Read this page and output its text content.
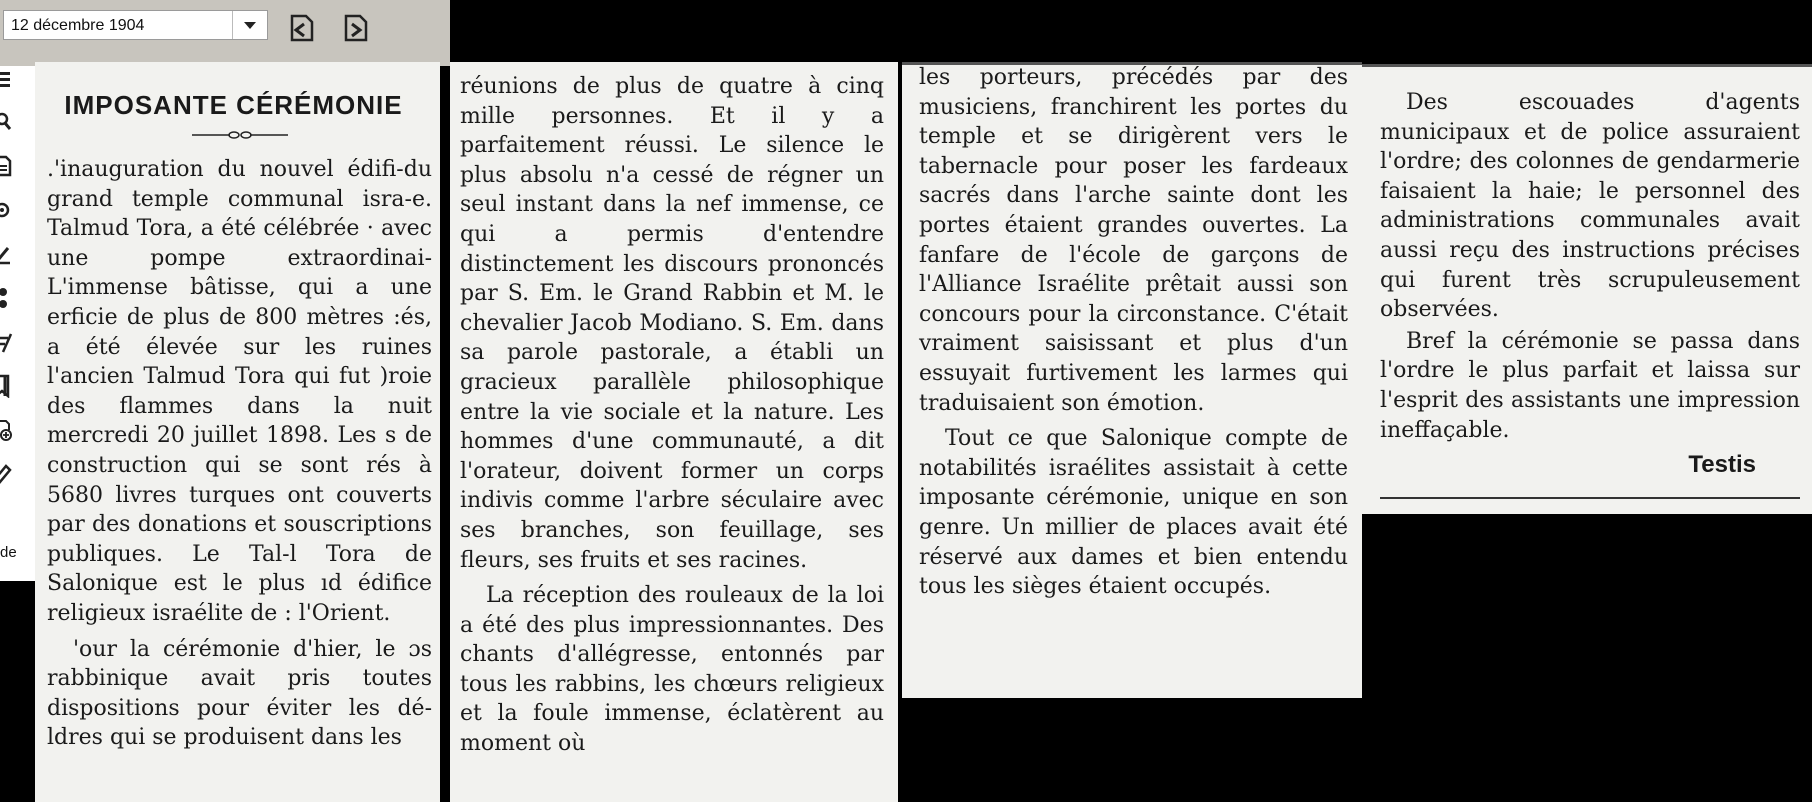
12 décembre 1904
de
IMPOSANTE CÉRÉMONIE

.'inauguration du nouvel édifi-du grand temple communal isra-e. Talmud Tora, a été célébrée · avec une pompe extraordinai-L'immense bâtisse, qui a une erficie de plus de 800 mètres :és, a été élevée sur les ruines l'ancien Talmud Tora qui fut )roie des flammes dans la nuit mercredi 20 juillet 1898. Les s de construction qui se sont rés à 5680 livres turques ont couverts par des donations et souscriptions publiques. Le Tal-l Tora de Salonique est le plus ıd édifice religieux israélite de : l'Orient.

'our la cérémonie d'hier, le ɔs rabbinique avait pris toutes dispositions pour éviter les dé-ldres qui se produisent dans les

réunions de plus de quatre à cinq mille personnes. Et il y a parfaitement réussi. Le silence le plus absolu n'a cessé de régner un seul instant dans la nef immense, ce qui a permis d'entendre distinctement les discours prononcés par S. Em. le Grand Rabbin et M. le chevalier Jacob Modiano. S. Em. dans sa parole pastorale, a établi un gracieux parallèle philosophique entre la vie sociale et la nature. Les hommes d'une communauté, a dit l'orateur, doivent former un corps indivis comme l'arbre séculaire avec ses branches, son feuillage, ses fleurs, ses fruits et ses racines.

La réception des rouleaux de la loi a été des plus impressionnantes. Des chants d'allégresse, entonnés par tous les rabbins, les chœurs religieux et la foule immense, éclatèrent au moment où

les porteurs, précédés par des musiciens, franchirent les portes du temple et se dirigèrent vers le tabernacle pour poser les fardeaux sacrés dans l'arche sainte dont les portes étaient grandes ouvertes. La fanfare de l'école de garçons de l'Alliance Israélite prêtait aussi son concours pour la circonstance. C'était vraiment saisissant et plus d'un essuyait furtivement les larmes qui traduisaient son émotion.

Tout ce que Salonique compte de notabilités israélites assistait à cette imposante cérémonie, unique en son genre. Un millier de places avait été réservé aux dames et bien entendu tous les sièges étaient occupés.

Des escouades d'agents municipaux et de police assuraient l'ordre; des colonnes de gendarmerie faisaient la haie; le personnel des administrations communales avait aussi reçu des instructions précises qui furent très scrupuleusement observées.

Bref la cérémonie se passa dans l'ordre le plus parfait et laissa sur l'esprit des assistants une impression ineffaçable.

Testis
